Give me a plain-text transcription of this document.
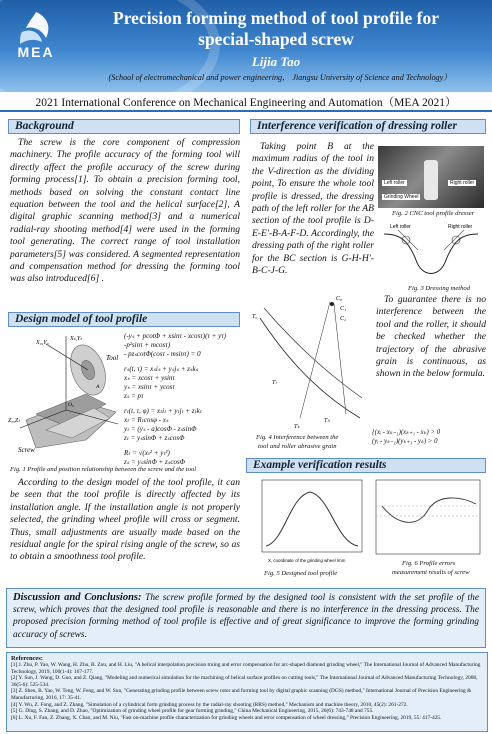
MEA
Precision forming method of tool profile for
special-shaped screw
Lijia Tao
(School of electromechanical and power engineering， Jiangsu University of Science and Technology）
2021 International Conference on Mechanical Engineering and Automation（MEA 2021）
Background
The screw is the core component of compression machinery. The profile accuracy of the forming tool will directly affect the profile accuracy of the screw during forming process[1]. To obtain a precision forming tool, methods based on solving the constant contact line equation between the tool and the helical surface[2], A digital graphic scanning method[3] and a numerical radial-ray shooting method[4] were used in the forming tool generating. The correct range of tool installation parameters[5] was considered. A segmented representation and compensation method for dressing the forming tool was also introduced[6] .
Design model of tool profile
Xₜ,Yₜ
X₀,Y₀
Z₀,Zₜ
Tool
Screw
O₀
A
(-yₛ + pcotΦ + xsinτ - xcosτ)(τ + yτ)
-p²sinτ + mcosτ)
- pzₛcotΦ(cosτ - msinτ) = 0
rₛ(t, τ) = xₛiₛ + yₛjₛ + zₛkₛ
xₛ = xcosτ + ysinτ
yₛ = xsinτ + ycosτ
zₛ = pτ
rₜ(t, τ, φ) = xₜiₜ + yₜjₜ + zₜkₜ
xₜ = Rₜcosφ - xₛ
yₜ = (yₛ - a)cosΦ - zₛsinΦ
zₜ = yₛsinΦ + zₛcosΦ
Rₜ = √(xₜ² + yₜ²)
zₛ = yₛsinΦ + zₛcosΦ
Fig. 1 Profile and position relationship between the screw and the tool
According to the design model of the tool profile, it can be seen that the tool profile is directly affected by its installation angle. If the installation angle is not properly selected, the grinding wheel profile will cross or segment. Thus, small adjustments are usually made based on the residual angle for the spiral rising angle of the screw, so as to obtain a smoothness tool profile.
Interference verification of dressing roller
Taking point B at the maximum radius of the tool in the V-direction as the dividing point, To ensure the whole tool profile is dressed, the dressing path of the left roller for the AB section of the tool profile is D-E-E'-B-A-F-D. Accordingly, the dressing path of the right roller for the BC section is G-H-H'-B-C-J-G.
Left roller	Right roller
Grinding Wheel
Fig. 2 CNC tool profile dresser
Left roller	Right roller
Fig. 3 Dressing method
C₀
C₁
C₂
Tₐ
Tₗ
Tₕ
Tₖ
Fig. 4 Interference between the
tool and roller abrasive grain
To guarantee there is no interference between the tool and the roller, it should be checked whether the trajectory of the abrasive grain is continuous, as shown in the below formula.
{(xᵢ - xₖ₋₁)(xₖ₊₁ - xₖ) > 0
(yᵢ - yₖ₋₁)(yₖ₊₁ - yₖ) > 0
Example verification results
X, coordinate of the grinding wheel /mm
Fig. 5 Designed tool profile
Fig. 6 Profile errors
measurement results of screw
Discussion and Conclusions: The screw profile formed by the designed tool is consistent with the set profile of the screw, which proves that the designed tool profile is reasonable and there is no interference in the dressing process. The proposed precision forming method of tool profile is effective and of great significance to improve the forming grinding accuracy of screws.
References:
[1] J. Zhu, P. Yao, W. Wang, H. Zhu, B. Zou, and H. Liu, "A helical interpolation precision truing and error compensation for arc-shaped diamond grinding wheel," The International Journal of Advanced Manufacturing Technology, 2019, 100(1-4): 167-177.
[2] Y. Sun, J. Wang, D. Guo, and Z. Qiang, "Modeling and numerical simulation for the machining of helical surface profiles on cutting tools," The International Journal of Advanced Manufacturing Technology, 2008, 36(5-6): 525-534.
[3] Z. Shen, B. Yao, W. Teng, W. Feng, and W. Sun, "Generating grinding profile between screw rotor and forming tool by digital graphic scanning (DGS) method," International Journal of Precision Engineering & Manufacturing, 2016, 17: 35-41.
[4] Y. Wu, Z. Fong, and Z. Zhang, "Simulation of a cylindrical form grinding process by the radial-ray shooting (RRS) method," Mechanism and machine theory, 2010, 45(2): 261-272.
[5] G. Ding, S. Zhang, and D. Zhao, "Optimization of grinding wheel profile for gear forming grinding," China Mechanical Engineering, 2015, 26(6): 743-748 and 755.
[6] L. Xu, F. Fan, Z. Zhang, X. Chao, and M. Niu, "Fast on-machine profile characterization for grinding wheels and error compensation of wheel dressing," Precision Engineering, 2019, 55: 417-425.
